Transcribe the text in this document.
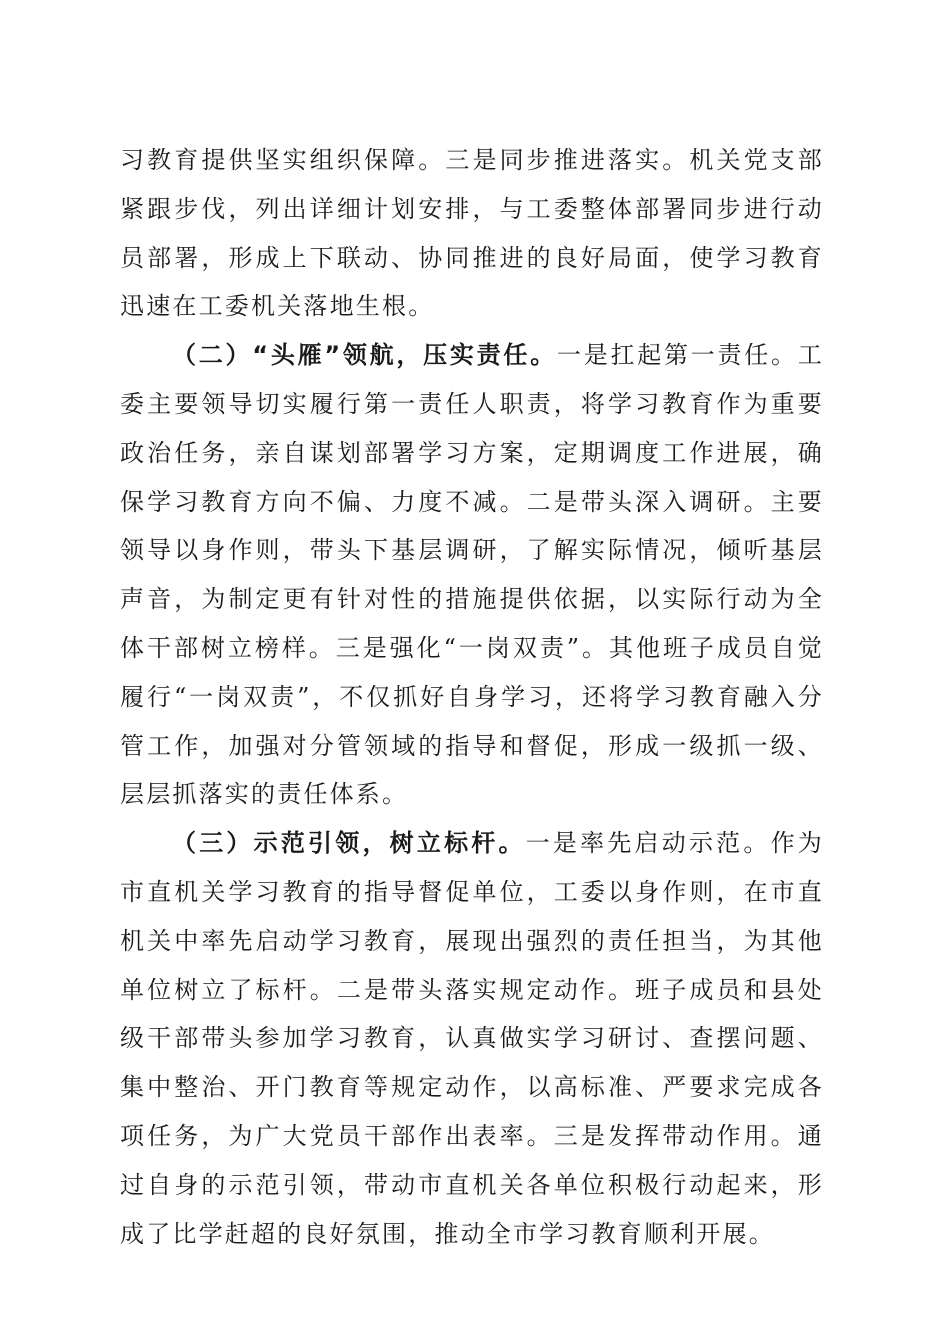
习教育提供坚实组织保障。三是同步推进落实。机关党支部紧跟步伐，列出详细计划安排，与工委整体部署同步进行动员部署，形成上下联动、协同推进的良好局面，使学习教育迅速在工委机关落地生根。

（二）“头雁”领航，压实责任。一是扛起第一责任。工委主要领导切实履行第一责任人职责，将学习教育作为重要政治任务，亲自谋划部署学习方案，定期调度工作进展，确保学习教育方向不偏、力度不减。二是带头深入调研。主要领导以身作则，带头下基层调研，了解实际情况，倾听基层声音，为制定更有针对性的措施提供依据，以实际行动为全体干部树立榜样。三是强化“一岗双责”。其他班子成员自觉履行“一岗双责”，不仅抓好自身学习，还将学习教育融入分管工作，加强对分管领域的指导和督促，形成一级抓一级、层层抓落实的责任体系。

（三）示范引领，树立标杆。一是率先启动示范。作为市直机关学习教育的指导督促单位，工委以身作则，在市直机关中率先启动学习教育，展现出强烈的责任担当，为其他单位树立了标杆。二是带头落实规定动作。班子成员和县处级干部带头参加学习教育，认真做实学习研讨、查摆问题、集中整治、开门教育等规定动作，以高标准、严要求完成各项任务，为广大党员干部作出表率。三是发挥带动作用。通过自身的示范引领，带动市直机关各单位积极行动起来，形成了比学赶超的良好氛围，推动全市学习教育顺利开展。
